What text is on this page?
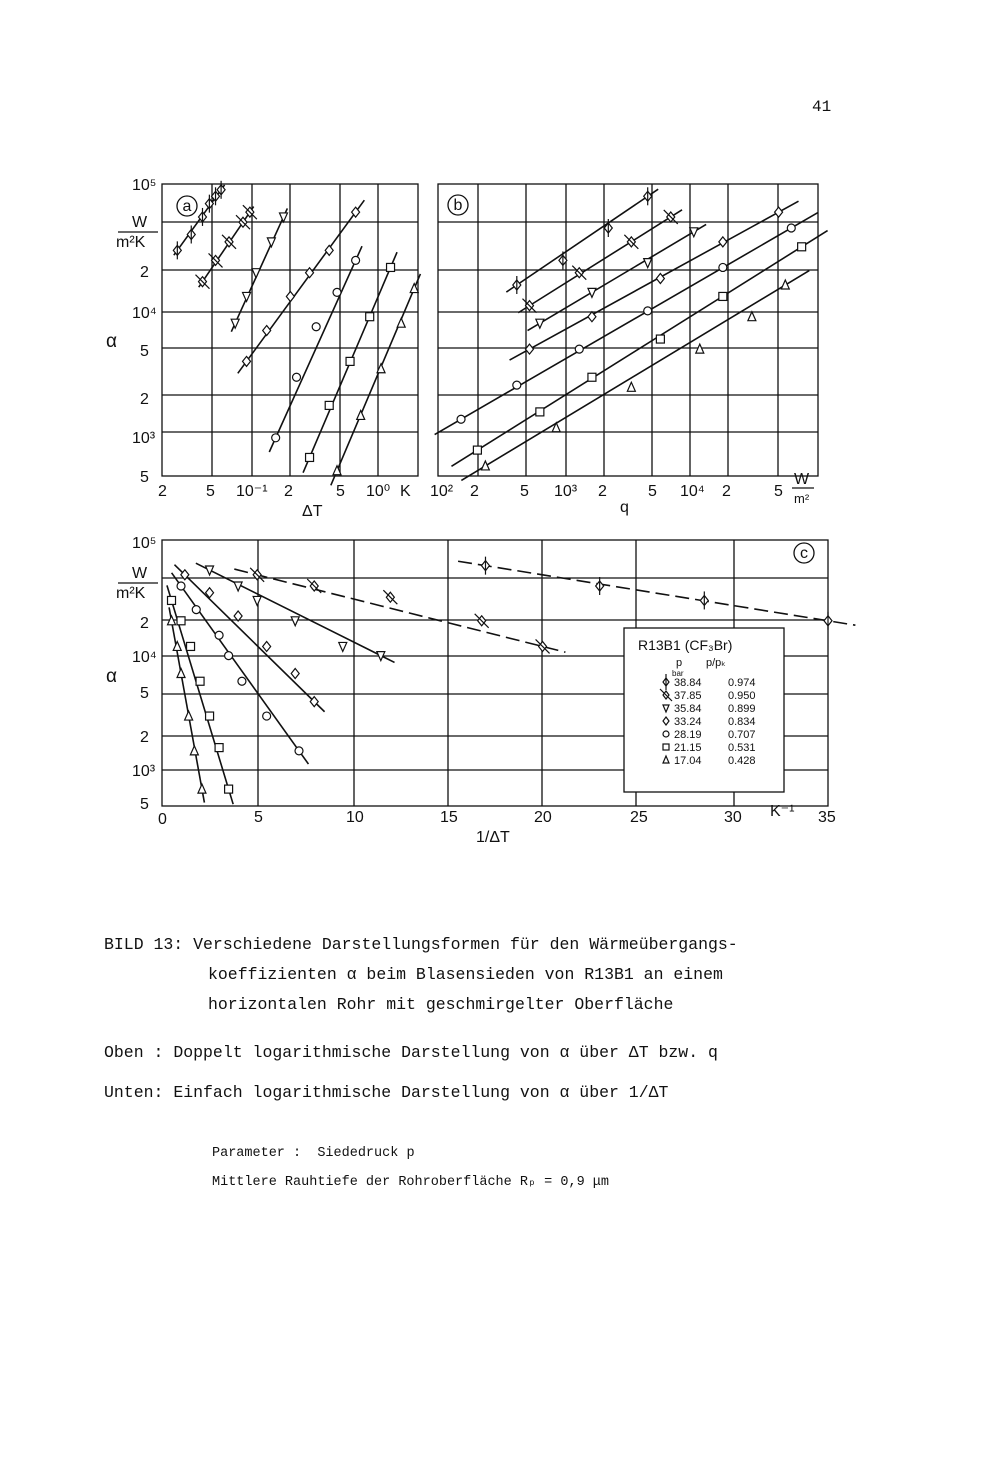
41
a	b
c
10⁵
2
10⁴
5
2
10³
5
W
m²K
α
2 5 10⁻¹ 2	5 10⁰ K
ΔT
10² 2	5 10³ 2	5 10⁴ 2	5
W
m²
q
10⁵
2
10⁴
5
2
10³
5
W
m²K
α
0	5	10	15	20	25	30 K⁻¹ 35
1/ΔT
R13B1 (CF₃Br)
p
bar
p/pₖ
38.84 0.974
37.85 0.950
35.84 0.899
33.24 0.834
28.19 0.707
21.15 0.531
17.04 0.428
BILD 13: Verschiedene Darstellungsformen für den Wärmeübergangs-
koeffizienten α beim Blasensieden von R13B1 an einem
horizontalen Rohr mit geschmirgelter Oberfläche
Oben : Doppelt logarithmische Darstellung von α über ΔT bzw. q
Unten: Einfach logarithmische Darstellung von α über 1/ΔT
Parameter : Siededruck p
Mittlere Rauhtiefe der Rohroberfläche Rₚ = 0,9 μm
